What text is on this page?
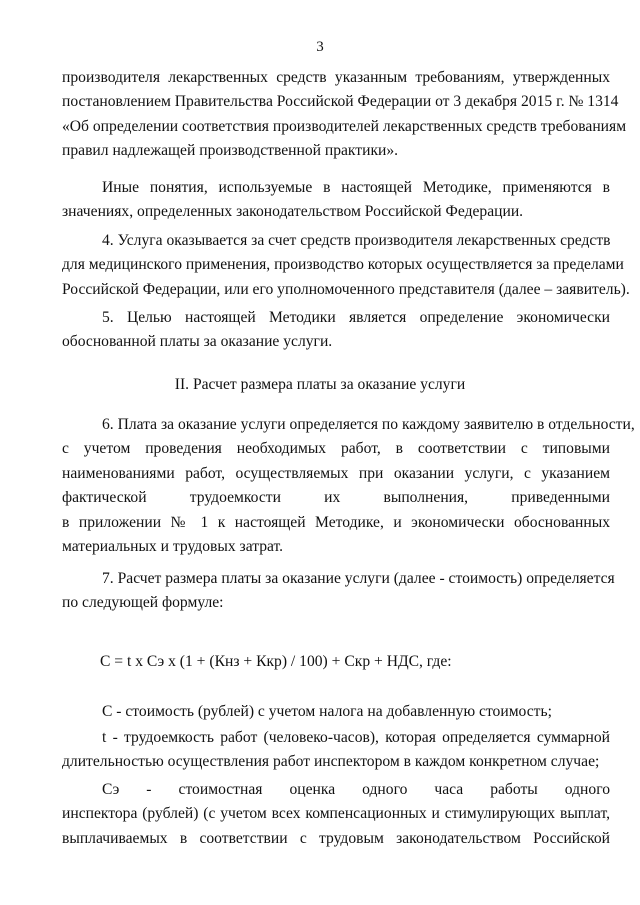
3
производителя лекарственных средств указанным требованиям, утвержденных
постановлением Правительства Российской Федерации от 3 декабря 2015 г. № 1314
«Об определении соответствия производителей лекарственных средств требованиям
правил надлежащей производственной практики».
Иные понятия, используемые в настоящей Методике, применяются в
значениях, определенных законодательством Российской Федерации.
4. Услуга оказывается за счет средств производителя лекарственных средств
для медицинского применения, производство которых осуществляется за пределами
Российской Федерации, или его уполномоченного представителя (далее – заявитель).
5. Целью настоящей Методики является определение экономически
обоснованной платы за оказание услуги.
II. Расчет размера платы за оказание услуги
6. Плата за оказание услуги определяется по каждому заявителю в отдельности,
с учетом проведения необходимых работ, в соответствии с типовыми
наименованиями работ, осуществляемых при оказании услуги, с указанием
фактической трудоемкости их выполнения, приведенными
в приложении № 1 к настоящей Методике, и экономически обоснованных
материальных и трудовых затрат.
7. Расчет размера платы за оказание услуги (далее - стоимость) определяется
по следующей формуле:
С = t х Сэ х (1 + (Кнз + Ккр) / 100) + Скр + НДС, где:
С - стоимость (рублей) с учетом налога на добавленную стоимость;
t - трудоемкость работ (человеко-часов), которая определяется суммарной
длительностью осуществления работ инспектором в каждом конкретном случае;
Сэ - стоимостная оценка одного часа работы одного
инспектора (рублей) (с учетом всех компенсационных и стимулирующих выплат,
выплачиваемых в соответствии с трудовым законодательством Российской
